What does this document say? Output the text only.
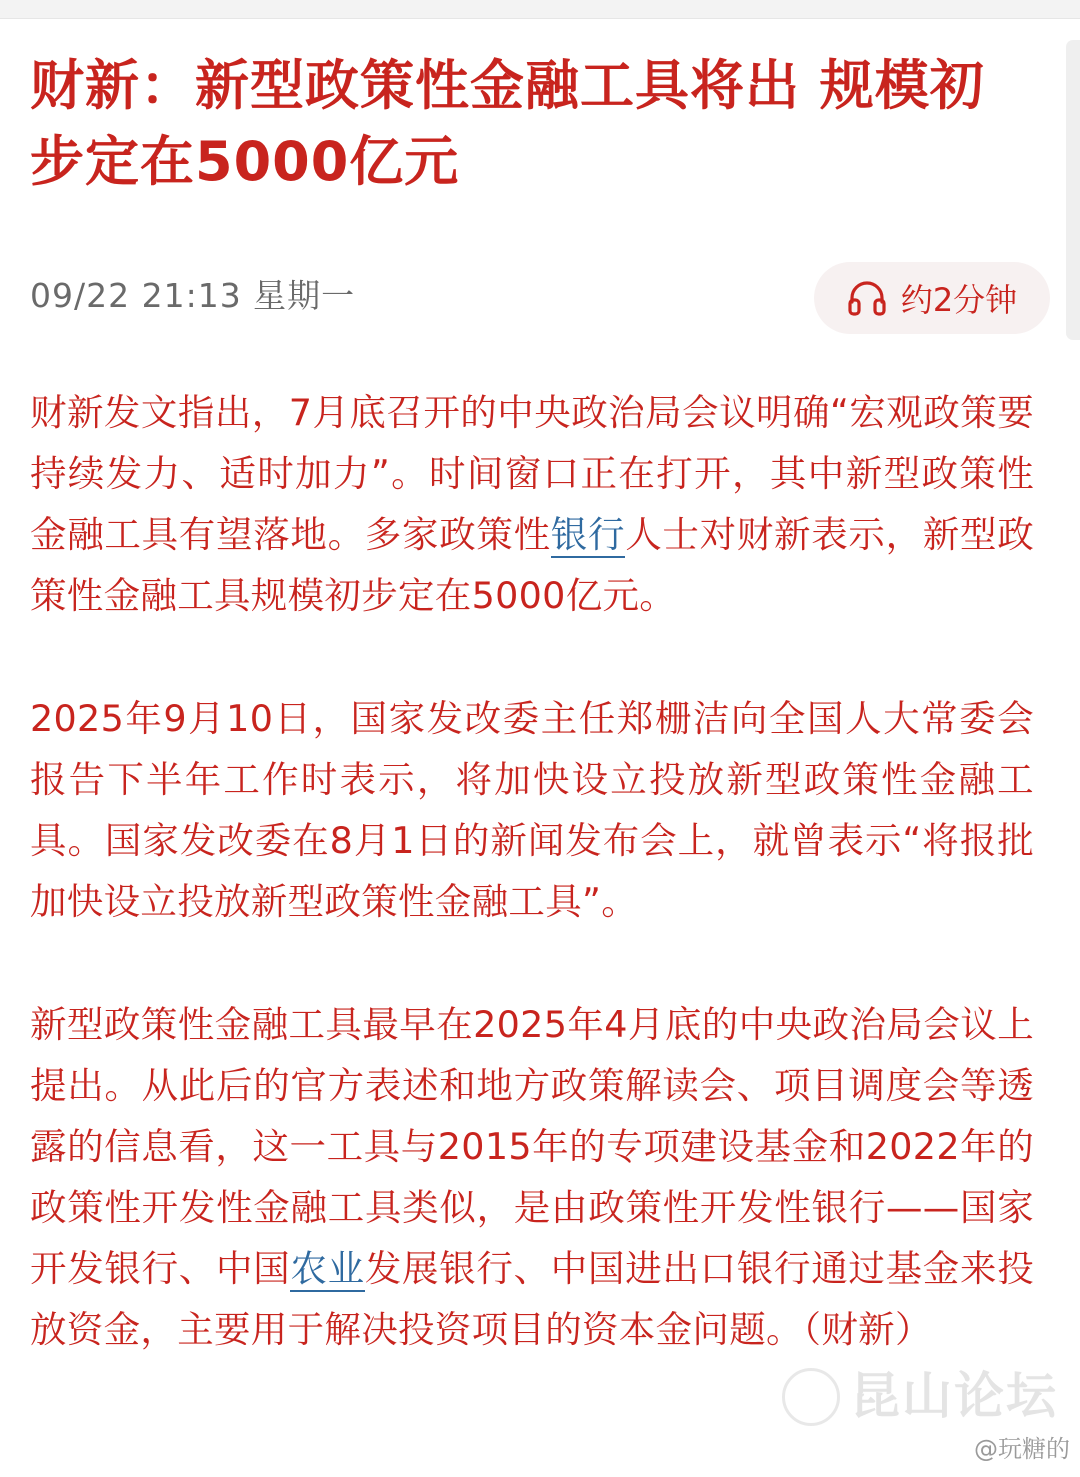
财新：新型政策性金融工具将出 规模初步定在5000亿元
09/22 21:13 星期一	约2分钟

财新发文指出，7月底召开的中央政治局会议明确“宏观政策要持续发力、适时加力”。时间窗口正在打开，其中新型政策性金融工具有望落地。多家政策性银行人士对财新表示，新型政策性金融工具规模初步定在5000亿元。

2025年9月10日，国家发改委主任郑栅洁向全国人大常委会报告下半年工作时表示，将加快设立投放新型政策性金融工具。国家发改委在8月1日的新闻发布会上，就曾表示“将报批加快设立投放新型政策性金融工具”。

新型政策性金融工具最早在2025年4月底的中央政治局会议上提出。从此后的官方表述和地方政策解读会、项目调度会等透露的信息看，这一工具与2015年的专项建设基金和2022年的政策性开发性金融工具类似，是由政策性开发性银行——国家开发银行、中国农业发展银行、中国进出口银行通过基金来投放资金，主要用于解决投资项目的资本金问题。（财新）

昆山论坛
@玩糖的
